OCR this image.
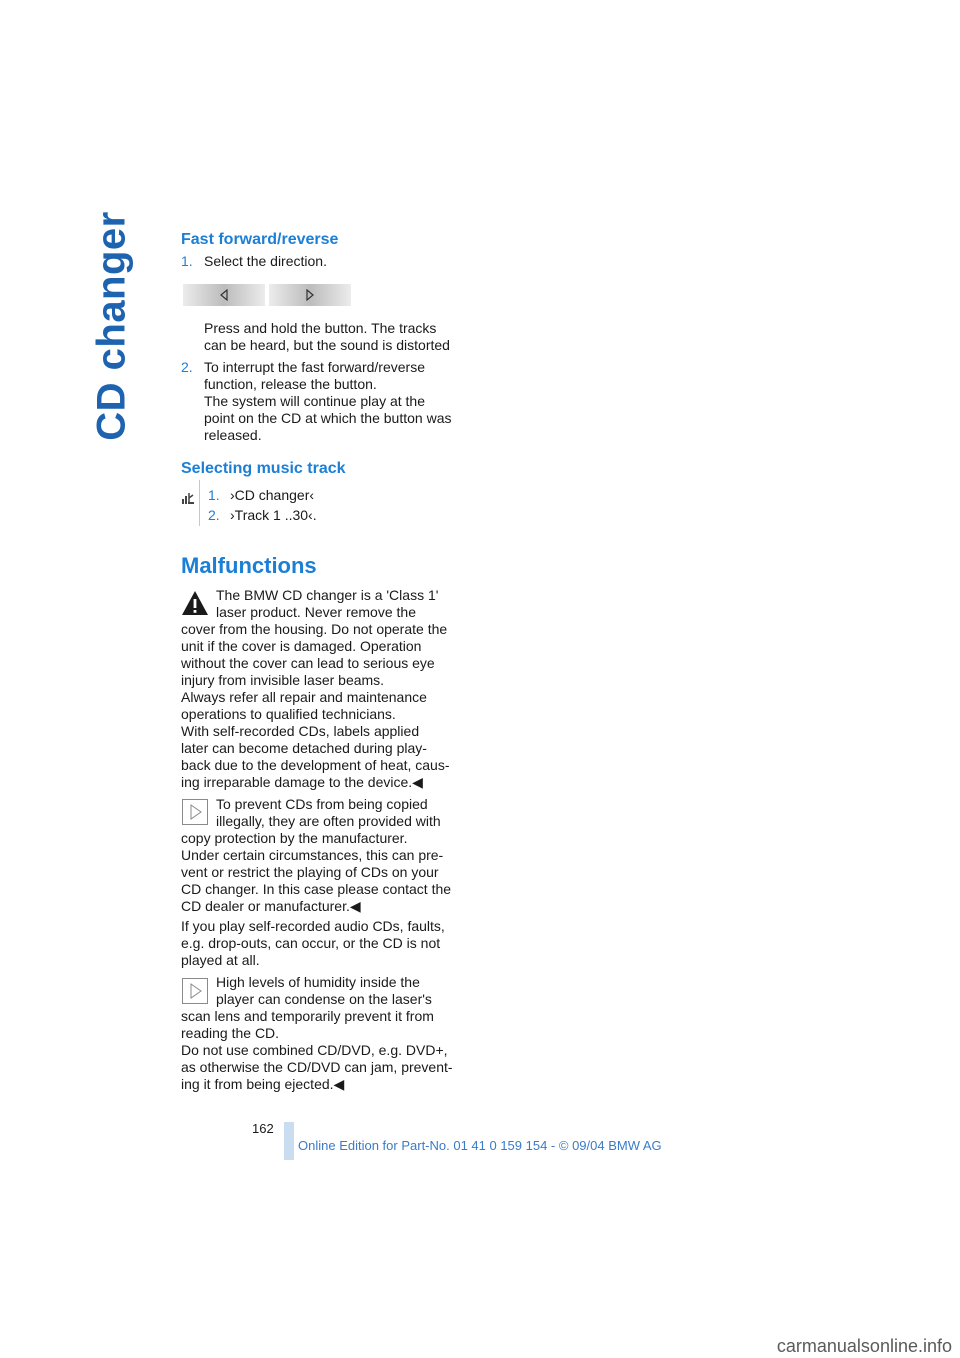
CD changer	Fast forward/reverse
1. Select the direction.

Press and hold the button. The tracks

can be heard, but the sound is distorted

2. To interrupt the fast forward/reverse

function, release the button.

The system will continue play at the

point on the CD at which the button was

released.

Selecting music track
1. ›CD changer‹

2. ›Track 1 ..30‹.

Malfunctions

The BMW CD changer is a 'Class 1'

laser product. Never remove the

cover from the housing. Do not operate the

unit if the cover is damaged. Operation

without the cover can lead to serious eye

injury from invisible laser beams.

Always refer all repair and maintenance

operations to qualified technicians.

With self-recorded CDs, labels applied

later can become detached during play-

back due to the development of heat, caus-

ing irreparable damage to the device.◀

To prevent CDs from being copied

illegally, they are often provided with

copy protection by the manufacturer.

Under certain circumstances, this can pre-

vent or restrict the playing of CDs on your

CD changer. In this case please contact the

CD dealer or manufacturer.◀

If you play self-recorded audio CDs, faults,

e.g. drop-outs, can occur, or the CD is not

played at all.

High levels of humidity inside the

player can condense on the laser's

scan lens and temporarily prevent it from

reading the CD.

Do not use combined CD/DVD, e.g. DVD+,

as otherwise the CD/DVD can jam, prevent-

ing it from being ejected.◀

162
Online Edition for Part-No. 01 41 0 159 154 - © 09/04 BMW AG
carmanualsonline.info
